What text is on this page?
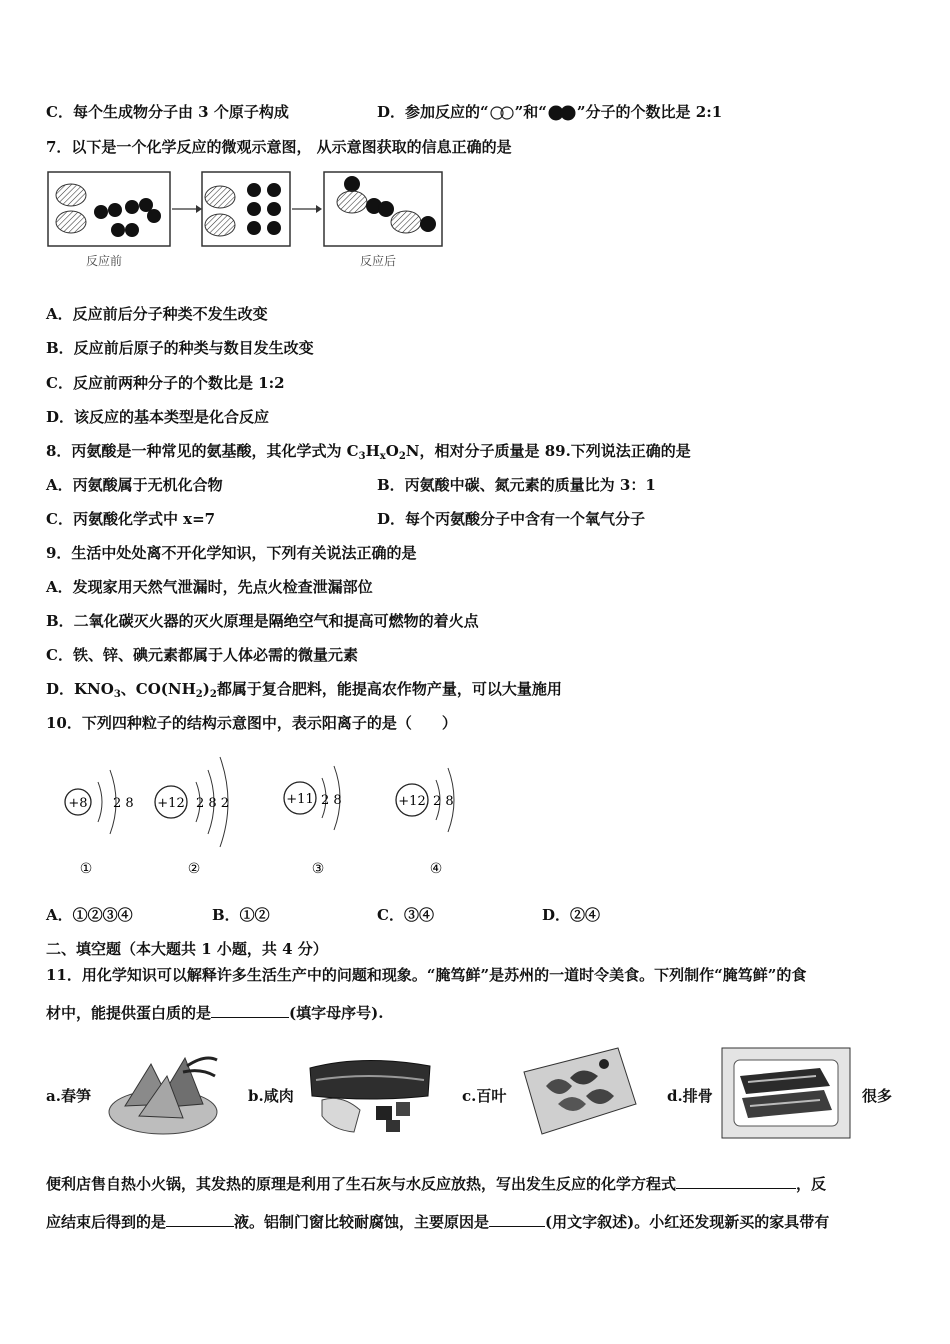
C．每个生成物分子由 3 个原子构成	D．参加反应的“ ”和“ ”分子的个数比是 2:1
7．以下是一个化学反应的微观示意图， 从示意图获取的信息正确的是
反应前	反应后
A．反应前后分子种类不发生改变
B．反应前后原子的种类与数目发生改变
C．反应前两种分子的个数比是 1:2
D．该反应的基本类型是化合反应
8．丙氨酸是一种常见的氨基酸，其化学式为 $C_3H_xO_2N$，相对分子质量是 89.下列说法正确的是
A．丙氨酸属于无机化合物	B．丙氨酸中碳、氮元素的质量比为 3：1
C．丙氨酸化学式中 x=7	D．每个丙氨酸分子中含有一个氧气分子
9．生活中处处离不开化学知识，下列有关说法正确的是
A．发现家用天然气泄漏时，先点火检查泄漏部位
B．二氧化碳灭火器的灭火原理是隔绝空气和提高可燃物的着火点
C．铁、锌、碘元素都属于人体必需的微量元素
D．$KNO_3$、$CO(NH_2)_2$都属于复合肥料，能提高农作物产量，可以大量施用
10．下列四种粒子的结构示意图中，表示阳离子的是（　　）
+8 2 8
①
+12 2 8 2
②
+11 2 8
③
+12 2 8
④
A．①②③④	B．①②	C．③④	D．②④
二、填空题（本大题共 1 小题，共 4 分）
11．用化学知识可以解释许多生活生产中的问题和现象。“腌笃鲜”是苏州的一道时令美食。下列制作“腌笃鲜”的食
材中，能提供蛋白质的是	(填字母序号).
a.春笋	b.咸肉	c.百叶	d.排骨	很多
便利店售自热小火锅，其发热的原理是利用了生石灰与水反应放热，写出发生反应的化学方程式	，反
应结束后得到的是	液。铝制门窗比较耐腐蚀，主要原因是	(用文字叙述)。小红还发现新买的家具带有
